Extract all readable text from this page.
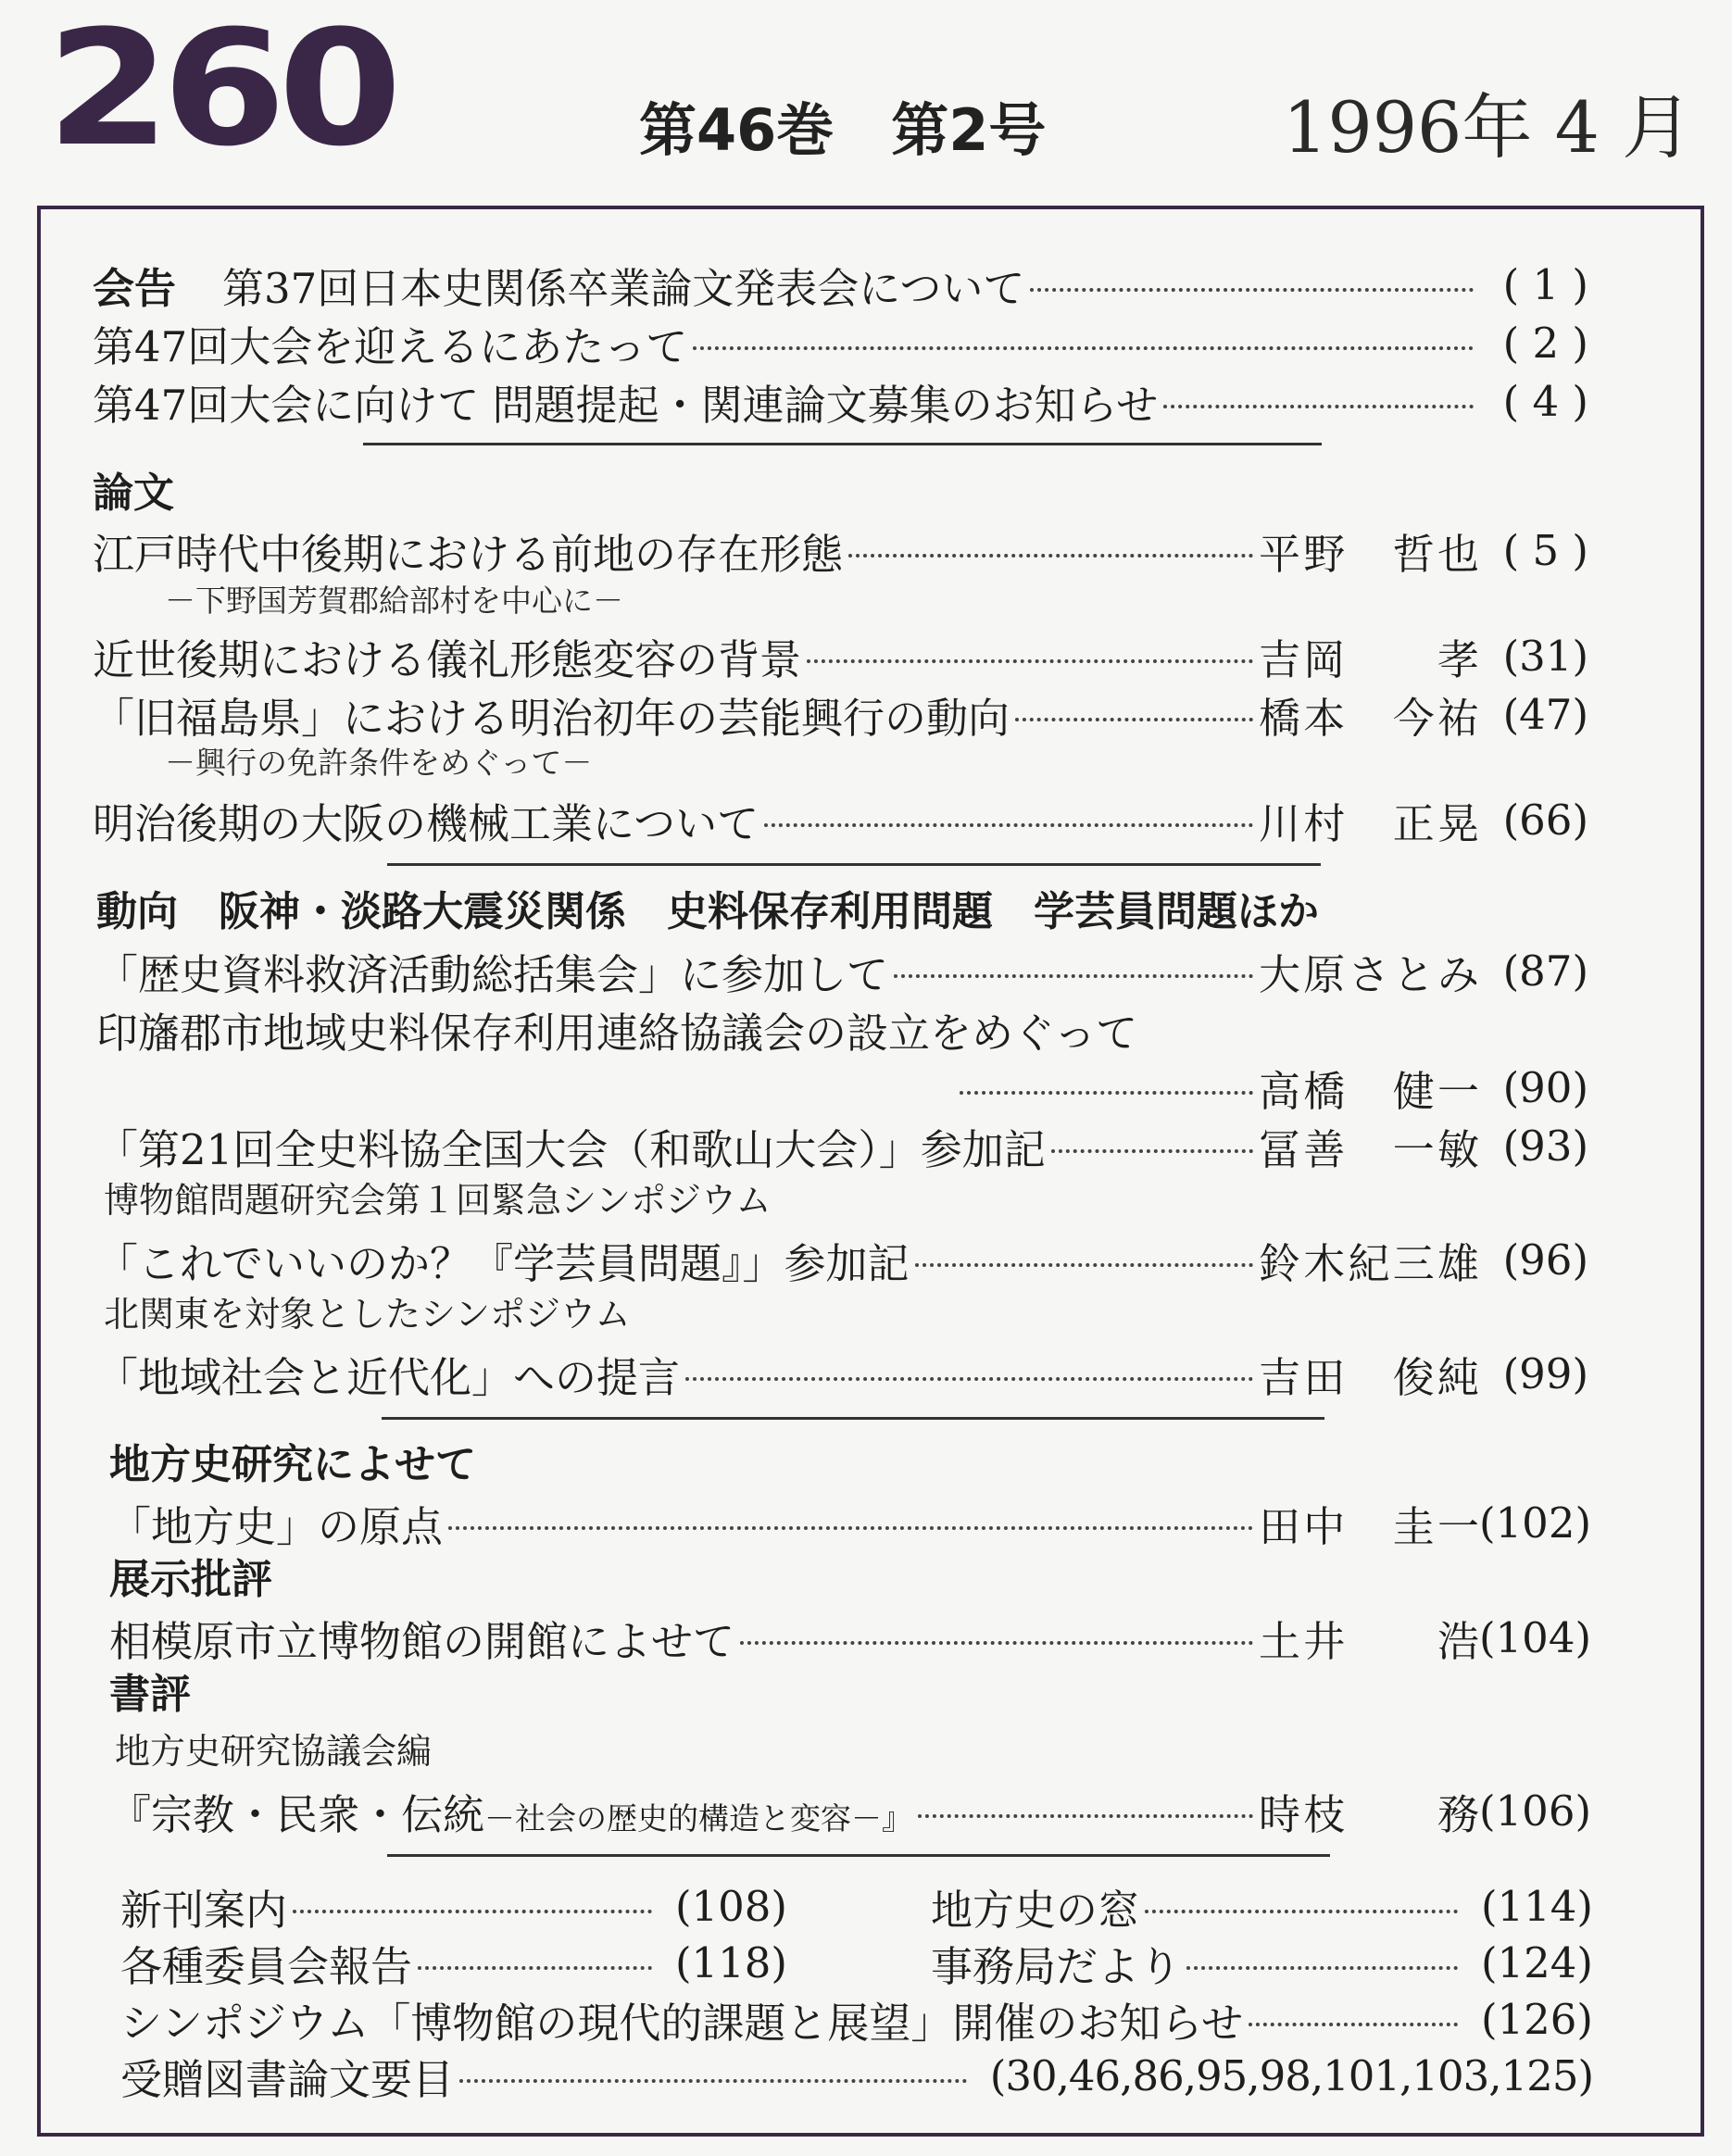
260	第46巻　第2号	1996年 4 月
会告 第37回日本史関係卒業論文発表会について	( 1 )
第47回大会を迎えるにあたって	( 2 )
第47回大会に向けて 問題提起・関連論文募集のお知らせ	( 4 )
論文
江戸時代中後期における前地の存在形態	平野　哲也 ( 5 )
－下野国芳賀郡給部村を中心に－
近世後期における儀礼形態変容の背景	吉岡　　孝 (31)
「旧福島県」における明治初年の芸能興行の動向	橋本　今祐 (47)
－興行の免許条件をめぐって－
明治後期の大阪の機械工業について	川村　正晃 (66)
動向　阪神・淡路大震災関係　史料保存利用問題　学芸員問題ほか
「歴史資料救済活動総括集会」に参加して	大原さとみ (87)
印旛郡市地域史料保存利用連絡協議会の設立をめぐって
高橋　健一 (90)
「第21回全史料協全国大会（和歌山大会）」参加記	冨善　一敏 (93)
博物館問題研究会第１回緊急シンポジウム
「これでいいのか？『学芸員問題』」参加記	鈴木紀三雄 (96)
北関東を対象としたシンポジウム
「地域社会と近代化」への提言	吉田　俊純 (99)
地方史研究によせて
「地方史」の原点	田中　圭一 (102)
展示批評
相模原市立博物館の開館によせて	土井　　浩 (104)
書評
地方史研究協議会編
『宗教・民衆・伝統－社会の歴史的構造と変容－』	時枝　　務 (106)
新刊案内	(108)	地方史の窓	(114)
各種委員会報告	(118)	事務局だより	(124)
シンポジウム「博物館の現代的課題と展望」開催のお知らせ	(126)
受贈図書論文要目	(30,46,86,95,98,101,103,125)
